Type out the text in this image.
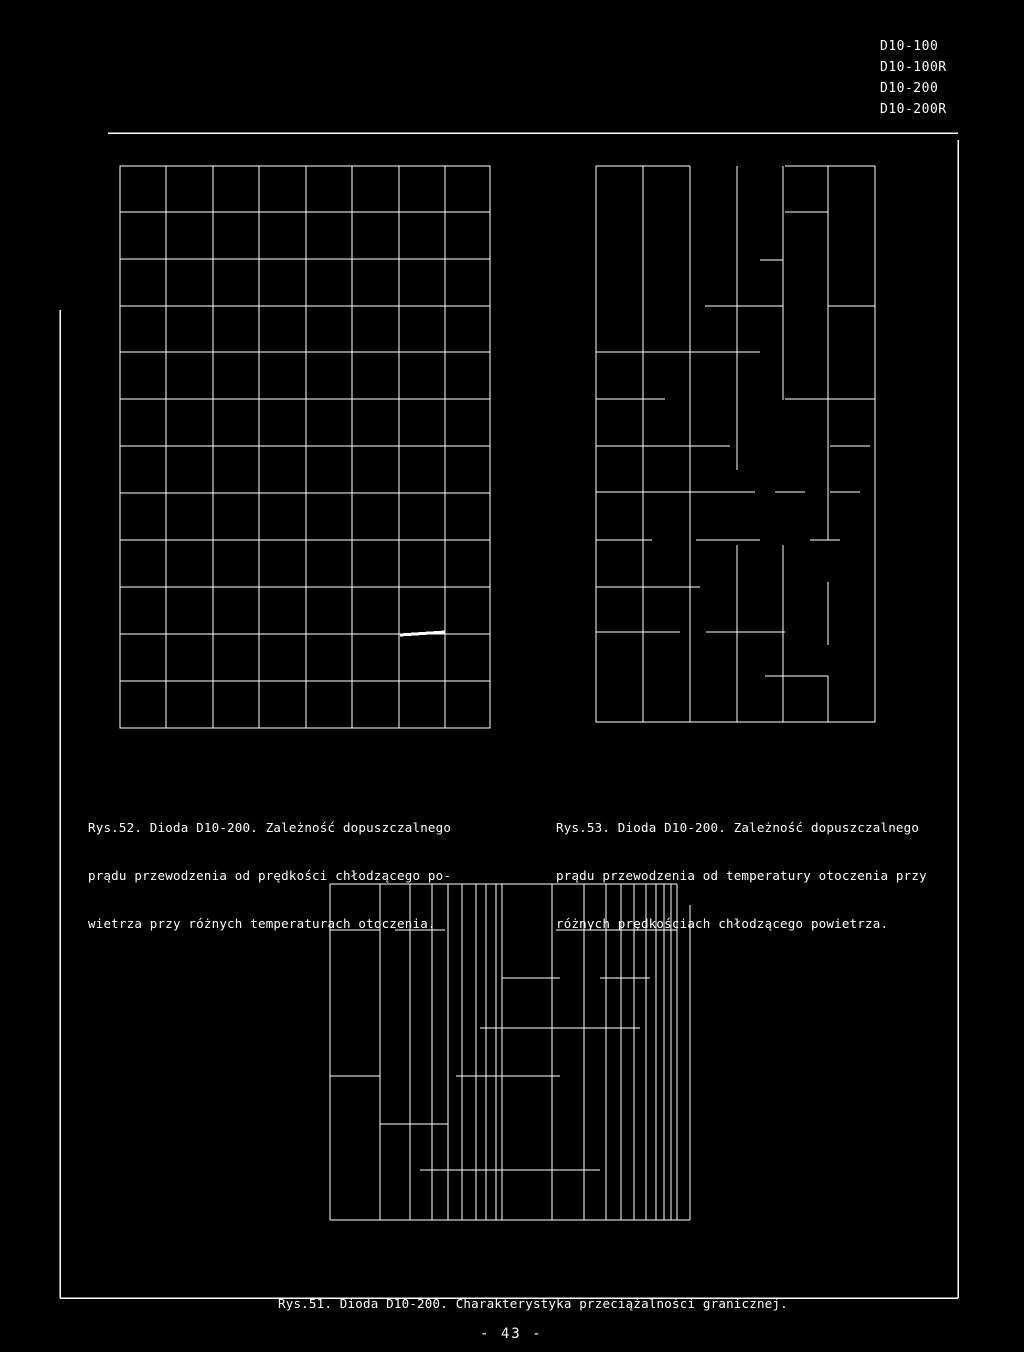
D10-100
D10-100R
D10-200
D10-200R

Rys.52. Dioda D10-200. Zależność dopuszczalnego

prądu przewodzenia od prędkości chłodzącego po-

wietrza przy różnych temperaturach otoczenia.

Rys.53. Dioda D10-200. Zależność dopuszczalnego

prądu przewodzenia od temperatury otoczenia przy

różnych prędkościach chłodzącego powietrza.

Rys.51. Dioda D10-200. Charakterystyka przeciążalności granicznej.

- 43 -
